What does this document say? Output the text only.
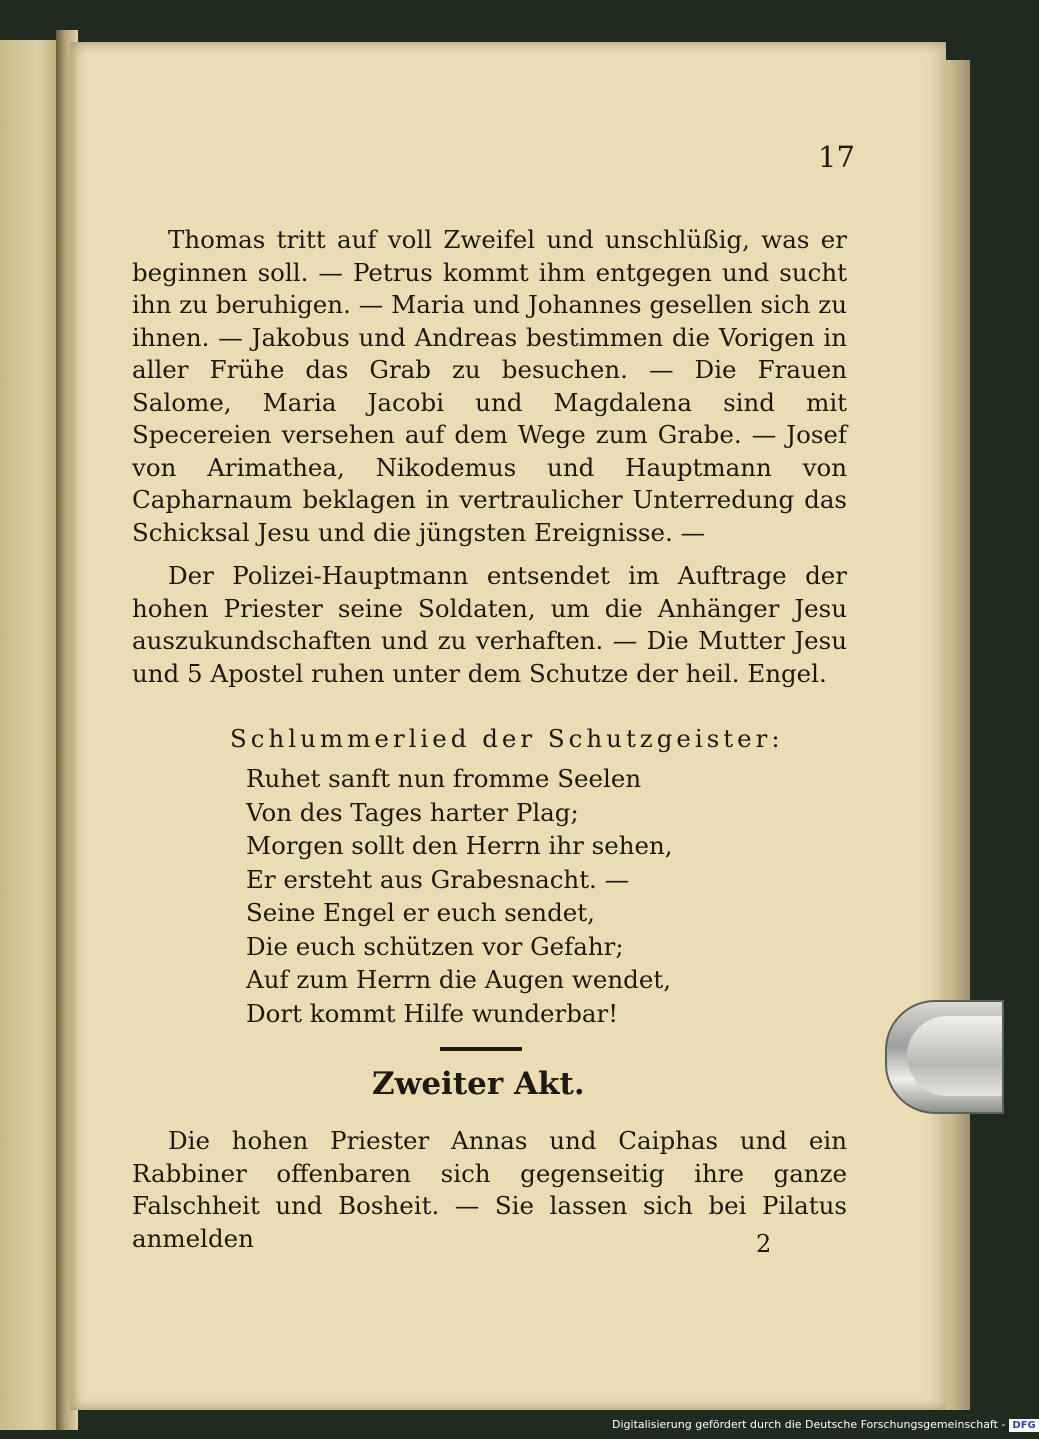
17
Thomas tritt auf voll Zweifel und unschlüßig, was er beginnen soll. — Petrus kommt ihm entgegen und sucht ihn zu beruhigen. — Maria und Johannes gesellen sich zu ihnen. — Jakobus und Andreas bestimmen die Vorigen in aller Frühe das Grab zu besuchen. — Die Frauen Salome, Maria Jacobi und Magdalena sind mit Specereien versehen auf dem Wege zum Grabe. — Josef von Arimathea, Nikodemus und Hauptmann von Capharnaum beklagen in vertraulicher Unterredung das Schicksal Jesu und die jüngsten Ereignisse. —
Der Polizei-Hauptmann entsendet im Auftrage der hohen Priester seine Soldaten, um die Anhänger Jesu auszukundschaften und zu verhaften. — Die Mutter Jesu und 5 Apostel ruhen unter dem Schutze der heil. Engel.
Schlummerlied der Schutzgeister:
Ruhet sanft nun fromme Seelen
Von des Tages harter Plag;
Morgen sollt den Herrn ihr sehen,
Er ersteht aus Grabesnacht. —
Seine Engel er euch sendet,
Die euch schützen vor Gefahr;
Auf zum Herrn die Augen wendet,
Dort kommt Hilfe wunderbar!
Zweiter Akt.
Die hohen Priester Annas und Caiphas und ein Rabbiner offenbaren sich gegenseitig ihre ganze Falschheit und Bosheit. — Sie lassen sich bei Pilatus anmelden	2
Digitalisierung gefördert durch die Deutsche Forschungsgemeinschaft - DFG
